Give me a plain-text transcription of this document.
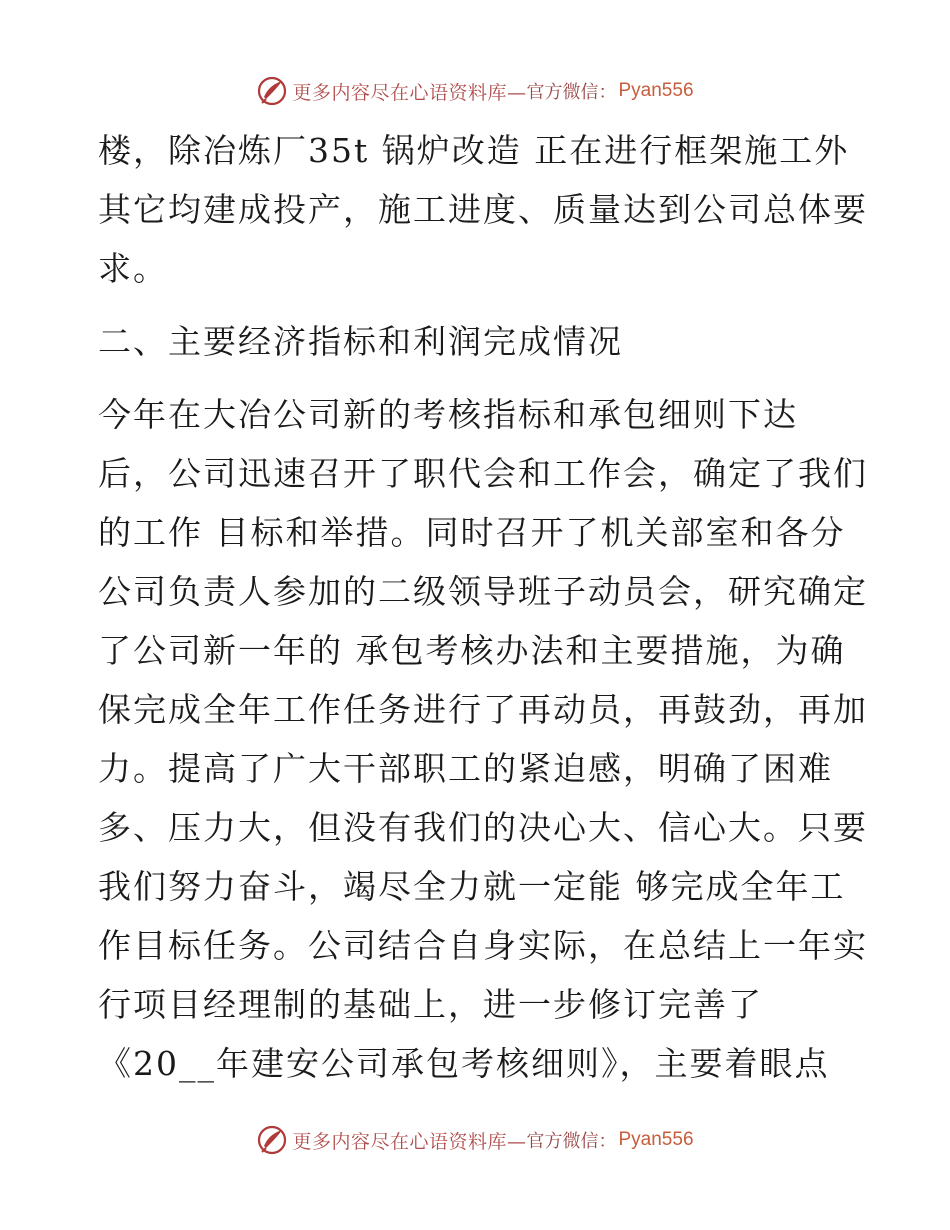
更多内容尽在心语资料库— 官方微信： Pyan556
楼，除冶炼厂35t 锅炉改造 正在进行框架施工外
其它均建成投产，施工进度、质量达到公司总体要
求。
二、主要经济指标和利润完成情况
今年在大冶公司新的考核指标和承包细则下达
后，公司迅速召开了职代会和工作会，确定了我们
的工作 目标和举措。同时召开了机关部室和各分
公司负责人参加的二级领导班子动员会，研究确定
了公司新一年的 承包考核办法和主要措施，为确
保完成全年工作任务进行了再动员，再鼓劲，再加
力。提高了广大干部职工的紧迫感，明确了困难
多、压力大，但没有我们的决心大、信心大。只要
我们努力奋斗，竭尽全力就一定能 够完成全年工
作目标任务。公司结合自身实际，在总结上一年实
行项目经理制的基础上，进一步修订完善了
《20__年建安公司承包考核细则》，主要着眼点
更多内容尽在心语资料库— 官方微信： Pyan556
